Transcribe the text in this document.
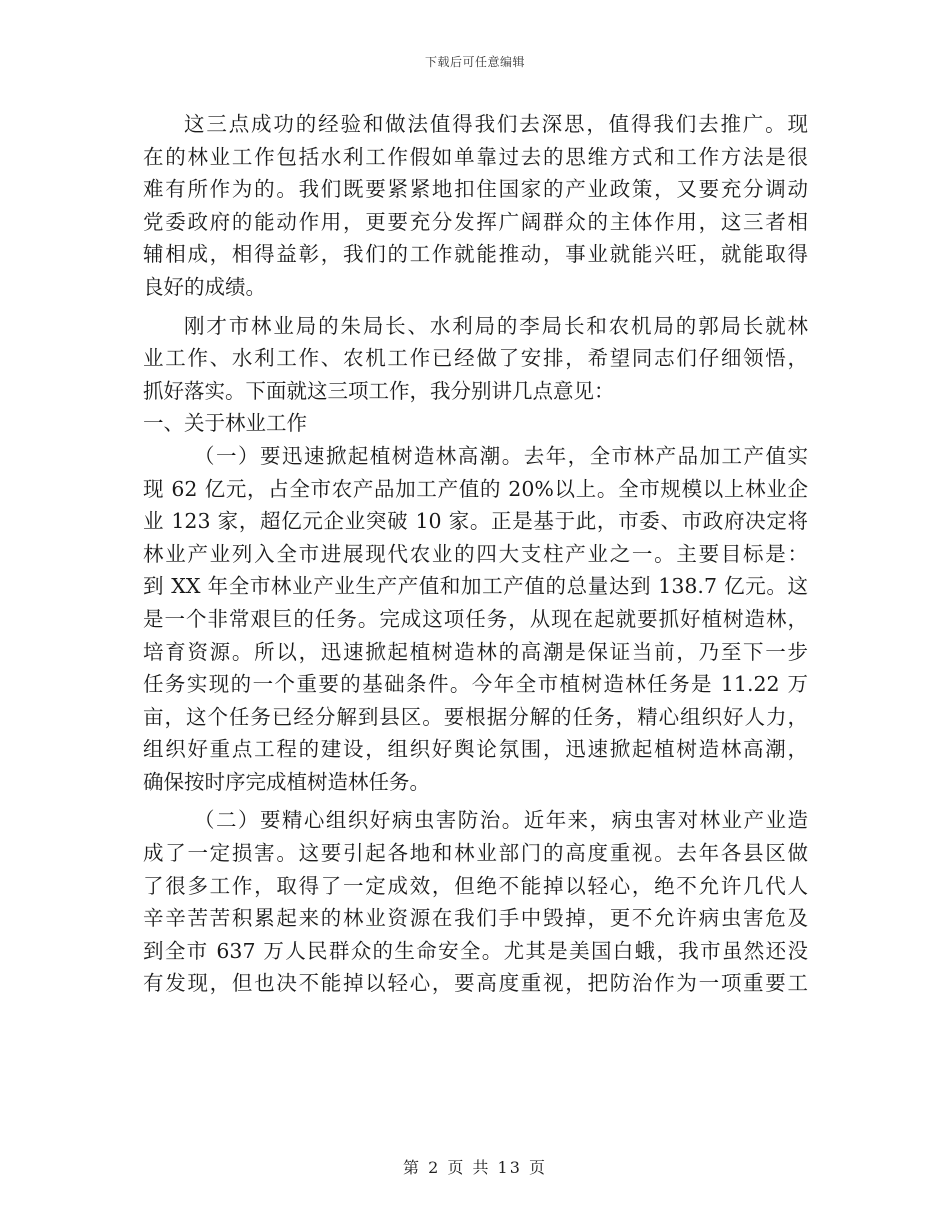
下载后可任意编辑
这三点成功的经验和做法值得我们去深思，值得我们去推广。现
在的林业工作包括水利工作假如单靠过去的思维方式和工作方法是很
难有所作为的。我们既要紧紧地扣住国家的产业政策，又要充分调动
党委政府的能动作用，更要充分发挥广阔群众的主体作用，这三者相
辅相成，相得益彰，我们的工作就能推动，事业就能兴旺，就能取得
良好的成绩。
刚才市林业局的朱局长、水利局的李局长和农机局的郭局长就林
业工作、水利工作、农机工作已经做了安排，希望同志们仔细领悟，
抓好落实。下面就这三项工作，我分别讲几点意见：
一、关于林业工作
（一）要迅速掀起植树造林高潮。去年，全市林产品加工产值实
现 62 亿元，占全市农产品加工产值的 20%以上。全市规模以上林业企
业 123 家，超亿元企业突破 10 家。正是基于此，市委、市政府决定将
林业产业列入全市进展现代农业的四大支柱产业之一。主要目标是：
到 XX 年全市林业产业生产产值和加工产值的总量达到 138.7 亿元。这
是一个非常艰巨的任务。完成这项任务，从现在起就要抓好植树造林，
培育资源。所以，迅速掀起植树造林的高潮是保证当前，乃至下一步
任务实现的一个重要的基础条件。今年全市植树造林任务是 11.22 万
亩，这个任务已经分解到县区。要根据分解的任务，精心组织好人力，
组织好重点工程的建设，组织好舆论氛围，迅速掀起植树造林高潮，
确保按时序完成植树造林任务。
（二）要精心组织好病虫害防治。近年来，病虫害对林业产业造
成了一定损害。这要引起各地和林业部门的高度重视。去年各县区做
了很多工作，取得了一定成效，但绝不能掉以轻心，绝不允许几代人
辛辛苦苦积累起来的林业资源在我们手中毁掉，更不允许病虫害危及
到全市 637 万人民群众的生命安全。尤其是美国白蛾，我市虽然还没
有发现，但也决不能掉以轻心，要高度重视，把防治作为一项重要工
第 2 页 共 13 页
